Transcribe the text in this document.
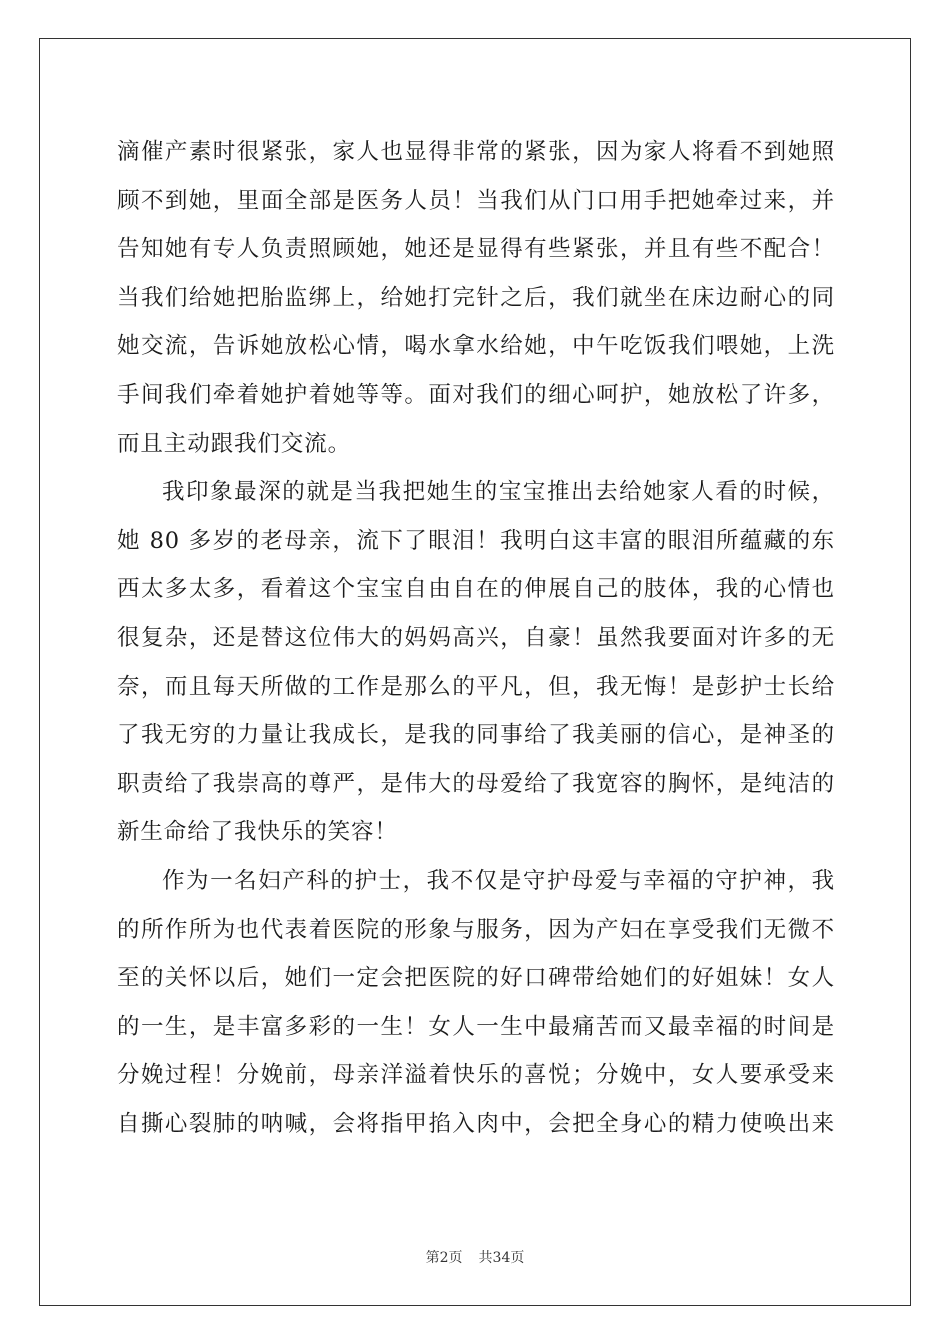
滴催产素时很紧张，家人也显得非常的紧张，因为家人将看不到她照
顾不到她，里面全部是医务人员！当我们从门口用手把她牵过来，并
告知她有专人负责照顾她，她还是显得有些紧张，并且有些不配合！
当我们给她把胎监绑上，给她打完针之后，我们就坐在床边耐心的同
她交流，告诉她放松心情，喝水拿水给她，中午吃饭我们喂她，上洗
手间我们牵着她护着她等等。面对我们的细心呵护，她放松了许多，
而且主动跟我们交流。
我印象最深的就是当我把她生的宝宝推出去给她家人看的时候，
她 80 多岁的老母亲，流下了眼泪！我明白这丰富的眼泪所蕴藏的东
西太多太多，看着这个宝宝自由自在的伸展自己的肢体，我的心情也
很复杂，还是替这位伟大的妈妈高兴，自豪！虽然我要面对许多的无
奈，而且每天所做的工作是那么的平凡，但，我无悔！是彭护士长给
了我无穷的力量让我成长，是我的同事给了我美丽的信心，是神圣的
职责给了我崇高的尊严，是伟大的母爱给了我宽容的胸怀，是纯洁的
新生命给了我快乐的笑容！
作为一名妇产科的护士，我不仅是守护母爱与幸福的守护神，我
的所作所为也代表着医院的形象与服务，因为产妇在享受我们无微不
至的关怀以后，她们一定会把医院的好口碑带给她们的好姐妹！女人
的一生，是丰富多彩的一生！女人一生中最痛苦而又最幸福的时间是
分娩过程！分娩前，母亲洋溢着快乐的喜悦；分娩中，女人要承受来
自撕心裂肺的呐喊，会将指甲掐入肉中，会把全身心的精力使唤出来
第2页 共34页
